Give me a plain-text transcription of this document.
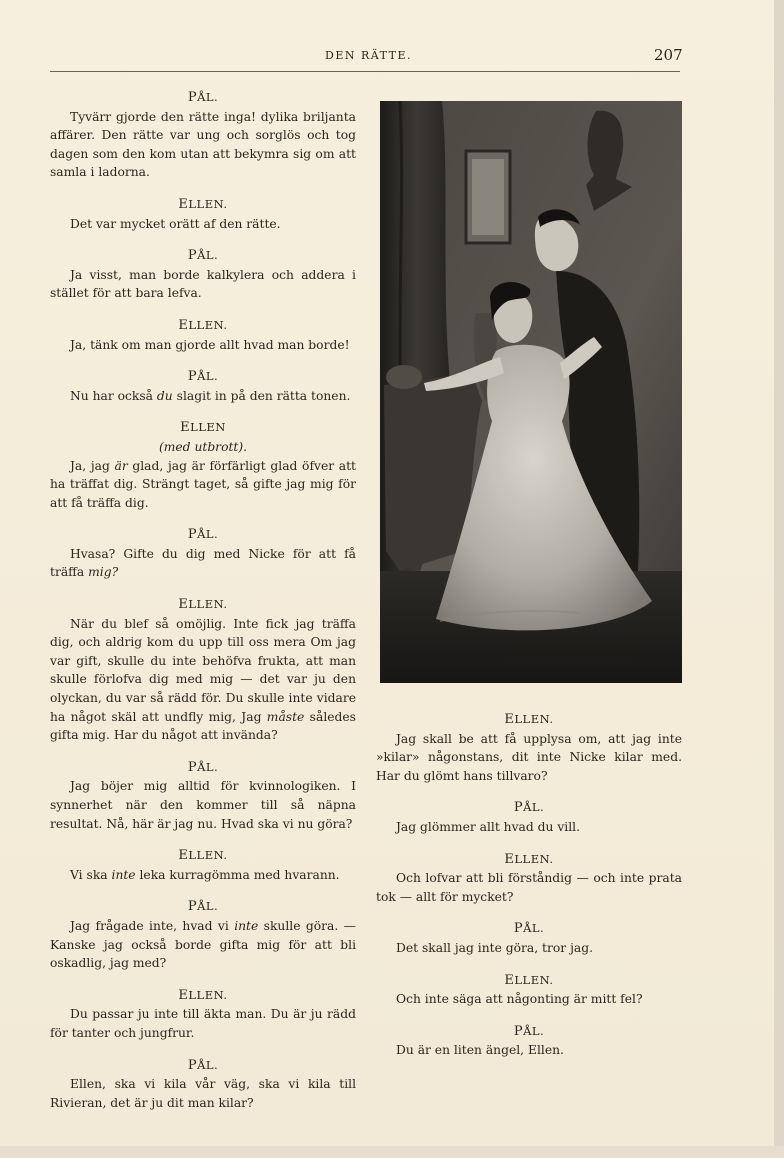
DEN RÄTTE.	207

PÅL.

Tyvärr gjorde den rätte inga! dylika briljanta affärer. Den rätte var ung och sorglös och tog dagen som den kom utan att bekymra sig om att samla i ladorna.

ELLEN.

Det var mycket orätt af den rätte.

PÅL.

Ja visst, man borde kalkylera och addera i stället för att bara lefva.

ELLEN.

Ja, tänk om man gjorde allt hvad man borde!

PÅL.

Nu har också du slagit in på den rätta tonen.

ELLEN

(med utbrott).

Ja, jag är glad, jag är förfärligt glad öfver att ha träffat dig. Strängt taget, så gifte jag mig för att få träffa dig.

PÅL.

Hvasa? Gifte du dig med Nicke för att få träffa mig?

ELLEN.

När du blef så omöjlig. Inte fick jag träffa dig, och aldrig kom du upp till oss mera Om jag var gift, skulle du inte behöfva frukta, att man skulle förlofva dig med mig — det var ju den olyckan, du var så rädd för. Du skulle inte vidare ha något skäl att undfly mig, Jag måste således gifta mig. Har du något att invända?

PÅL.

Jag böjer mig alltid för kvinnologiken. I synnerhet när den kommer till så näpna resultat. Nå, här är jag nu. Hvad ska vi nu göra?

ELLEN.

Vi ska inte leka kurragömma med hvarann.

PÅL.

Jag frågade inte, hvad vi inte skulle göra. — Kanske jag också borde gifta mig för att bli oskadlig, jag med?

ELLEN.

Du passar ju inte till äkta man. Du är ju rädd för tanter och jungfrur.

PÅL.

Ellen, ska vi kila vår väg, ska vi kila till Rivieran, det är ju dit man kilar?

ELLEN.

Jag skall be att få upplysa om, att jag inte »kilar» någonstans, dit inte Nicke kilar med. Har du glömt hans tillvaro?

PÅL.

Jag glömmer allt hvad du vill.

ELLEN.

Och lofvar att bli förståndig — och inte prata tok — allt för mycket?

PÅL.

Det skall jag inte göra, tror jag.

ELLEN.

Och inte säga att någonting är mitt fel?

PÅL.

Du är en liten ängel, Ellen.
